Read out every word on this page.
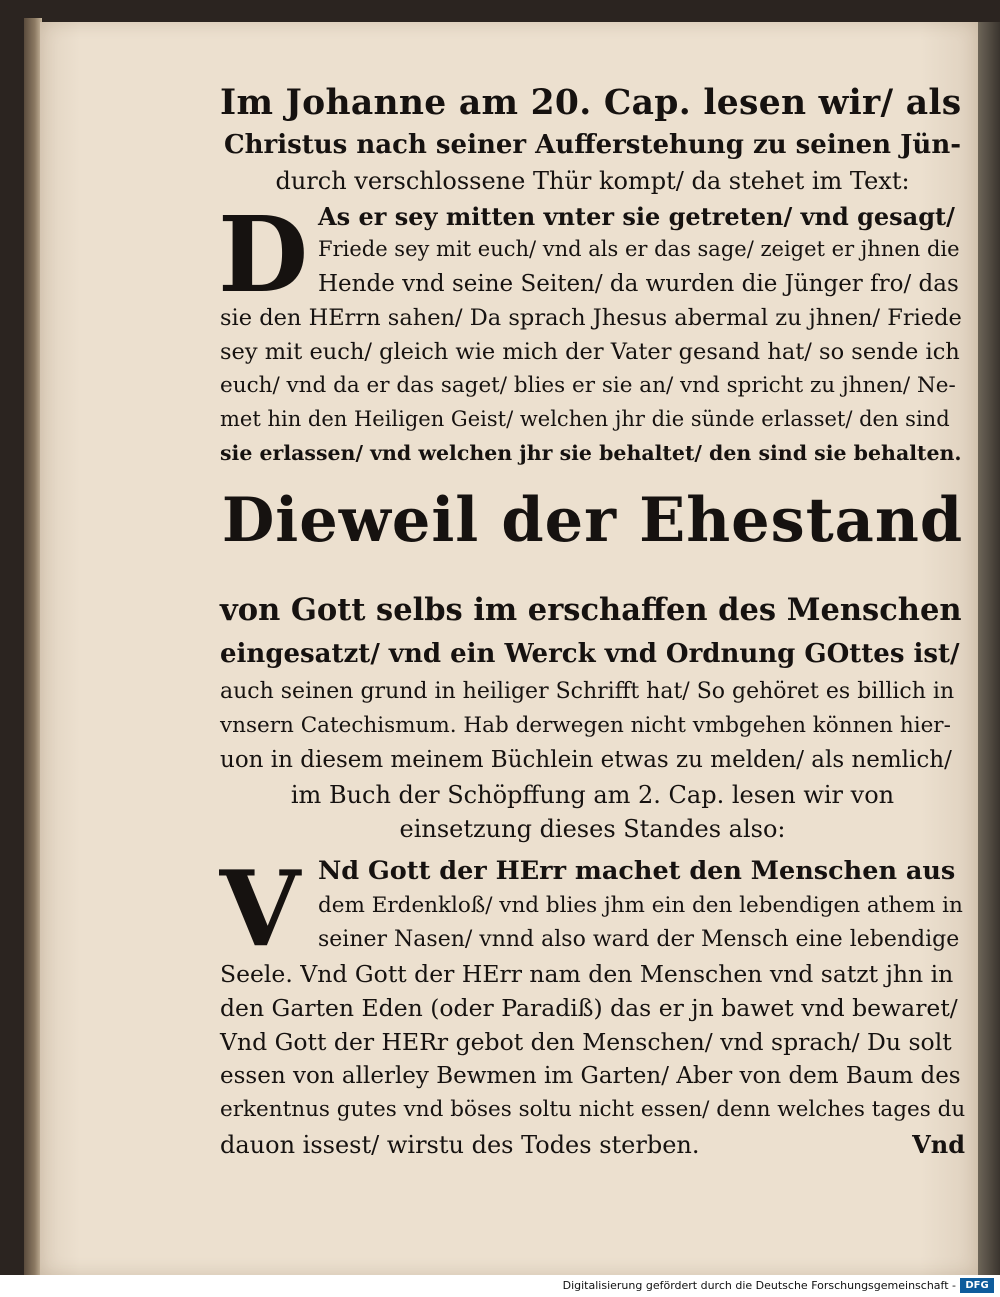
Im Johanne am 20. Cap. lesen wir/ als
Christus nach seiner Aufferstehung zu seinen Jün-
durch verschlossene Thür kompt/ da stehet im Text:
D As er sey mitten vnter sie getreten/ vnd gesagt/
Friede sey mit euch/ vnd als er das sage/ zeiget er jhnen die
Hende vnd seine Seiten/ da wurden die Jünger fro/ das
sie den HErrn sahen/ Da sprach Jhesus abermal zu jhnen/ Friede
sey mit euch/ gleich wie mich der Vater gesand hat/ so sende ich
euch/ vnd da er das saget/ blies er sie an/ vnd spricht zu jhnen/ Ne-
met hin den Heiligen Geist/ welchen jhr die sünde erlasset/ den sind
sie erlassen/ vnd welchen jhr sie behaltet/ den sind sie behalten.
Dieweil der Ehestand
von Gott selbs im erschaffen des Menschen
eingesatzt/ vnd ein Werck vnd Ordnung GOttes ist/
auch seinen grund in heiliger Schrifft hat/ So gehöret es billich in
vnsern Catechismum. Hab derwegen nicht vmbgehen können hier-
uon in diesem meinem Büchlein etwas zu melden/ als nemlich/
im Buch der Schöpffung am 2. Cap. lesen wir von
einsetzung dieses Standes also:
V Nd Gott der HErr machet den Menschen aus
dem Erdenkloß/ vnd blies jhm ein den lebendigen athem in
seiner Nasen/ vnnd also ward der Mensch eine lebendige
Seele. Vnd Gott der HErr nam den Menschen vnd satzt jhn in
den Garten Eden (oder Paradiß) das er jn bawet vnd bewaret/
Vnd Gott der HERr gebot den Menschen/ vnd sprach/ Du solt
essen von allerley Bewmen im Garten/ Aber von dem Baum des
erkentnus gutes vnd böses soltu nicht essen/ denn welches tages du
dauon issest/ wirstu des Todes sterben.	Vnd
Digitalisierung gefördert durch die Deutsche Forschungsgemeinschaft - DFG
